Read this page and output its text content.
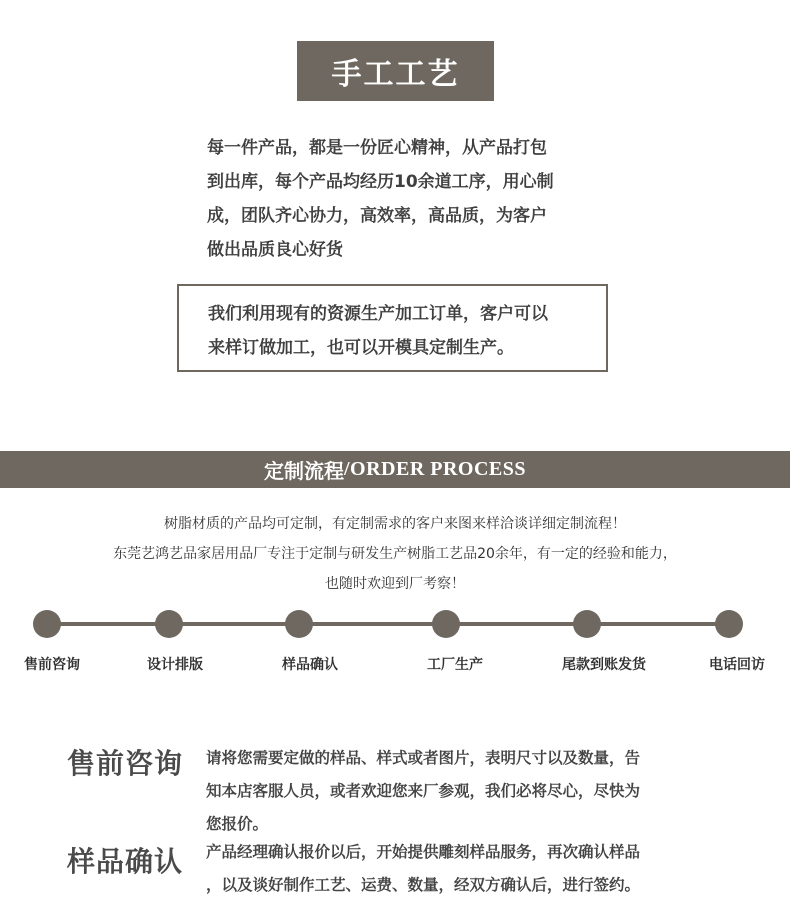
手工工艺
每一件产品，都是一份匠心精神，从产品打包
到出库，每个产品均经历10余道工序，用心制
成，团队齐心协力，高效率，高品质，为客户
做出品质良心好货
我们利用现有的资源生产加工订单，客户可以
来样订做加工，也可以开模具定制生产。
定制流程 /ORDER PROCESS
树脂材质的产品均可定制，有定制需求的客户来图来样洽谈详细定制流程！
东莞艺鸿艺品家居用品厂专注于定制与研发生产树脂工艺品20余年，有一定的经验和能力，
也随时欢迎到厂考察！
售前咨询	设计排版	样品确认	工厂生产	尾款到账发货	电话回访
售前咨询 请将您需要定做的样品、样式或者图片，表明尺寸以及数量，告
知本店客服人员，或者欢迎您来厂参观，我们必将尽心，尽快为
您报价。
样品确认 产品经理确认报价以后，开始提供雕刻样品服务，再次确认样品
，以及谈好制作工艺、运费、数量，经双方确认后，进行签约。
